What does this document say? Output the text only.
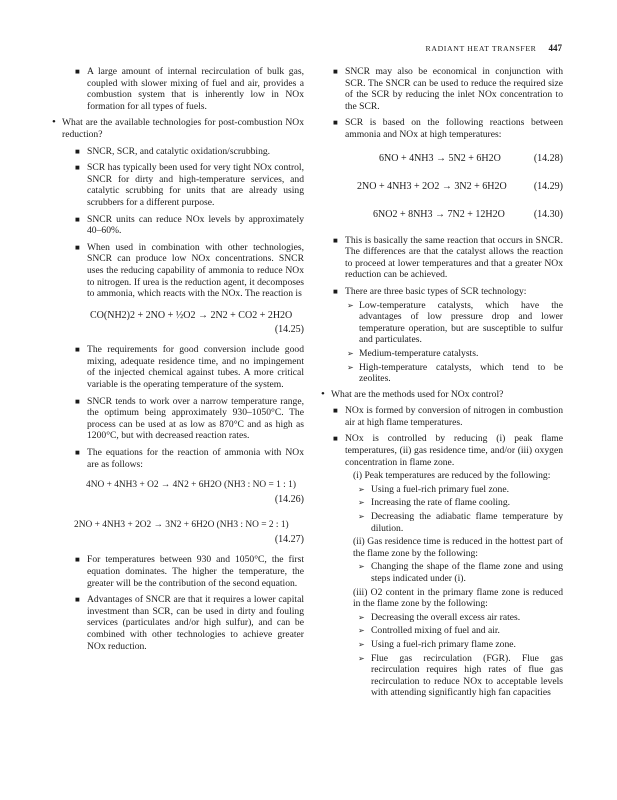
RADIANT HEAT TRANSFER 447
■ A large amount of internal recirculation of bulk gas, coupled with slower mixing of fuel and air, provides a combustion system that is inherently low in NOx formation for all types of fuels.
• What are the available technologies for post-combustion NOx reduction?
■ SNCR, SCR, and catalytic oxidation/scrubbing.
■ SCR has typically been used for very tight NOx control, SNCR for dirty and high-temperature services, and catalytic scrubbing for units that are already using scrubbers for a different purpose.
■ SNCR units can reduce NOx levels by approximately 40–60%.
■ When used in combination with other technologies, SNCR can produce low NOx concentrations. SNCR uses the reducing capability of ammonia to reduce NOx to nitrogen. If urea is the reduction agent, it decomposes to ammonia, which reacts with the NOx. The reaction is
CO(NH2)2 + 2NO + ½O2 → 2N2 + CO2 + 2H2O
(14.25)
■ The requirements for good conversion include good mixing, adequate residence time, and no impingement of the injected chemical against tubes. A more critical variable is the operating temperature of the system.
■ SNCR tends to work over a narrow temperature range, the optimum being approximately 930–1050°C. The process can be used at as low as 870°C and as high as 1200°C, but with decreased reaction rates.
■ The equations for the reaction of ammonia with NOx are as follows:
4NO + 4NH3 + O2 → 4N2 + 6H2O (NH3 : NO = 1 : 1)
(14.26)
2NO + 4NH3 + 2O2 → 3N2 + 6H2O (NH3 : NO = 2 : 1)
(14.27)
■ For temperatures between 930 and 1050°C, the first equation dominates. The higher the temperature, the greater will be the contribution of the second equation.
■ Advantages of SNCR are that it requires a lower capital investment than SCR, can be used in dirty and fouling services (particulates and/or high sulfur), and can be combined with other technologies to achieve greater NOx reduction.
■ SNCR may also be economical in conjunction with SCR. The SNCR can be used to reduce the required size of the SCR by reducing the inlet NOx concentration to the SCR.
■ SCR is based on the following reactions between ammonia and NOx at high temperatures:
6NO + 4NH3 → 5N2 + 6H2O	(14.28)
2NO + 4NH3 + 2O2 → 3N2 + 6H2O	(14.29)
6NO2 + 8NH3 → 7N2 + 12H2O	(14.30)
■ This is basically the same reaction that occurs in SNCR. The differences are that the catalyst allows the reaction to proceed at lower temperatures and that a greater NOx reduction can be achieved.
■ There are three basic types of SCR technology:
➢ Low-temperature catalysts, which have the advantages of low pressure drop and lower temperature operation, but are susceptible to sulfur and particulates.
➢ Medium-temperature catalysts.
➢ High-temperature catalysts, which tend to be zeolites.
• What are the methods used for NOx control?
■ NOx is formed by conversion of nitrogen in combustion air at high flame temperatures.
■ NOx is controlled by reducing (i) peak flame temperatures, (ii) gas residence time, and/or (iii) oxygen concentration in flame zone.
(i) Peak temperatures are reduced by the following:
➢ Using a fuel-rich primary fuel zone.
➢ Increasing the rate of flame cooling.
➢ Decreasing the adiabatic flame temperature by dilution.
(ii) Gas residence time is reduced in the hottest part of the flame zone by the following:
➢ Changing the shape of the flame zone and using steps indicated under (i).
(iii) O2 content in the primary flame zone is reduced in the flame zone by the following:
➢ Decreasing the overall excess air rates.
➢ Controlled mixing of fuel and air.
➢ Using a fuel-rich primary flame zone.
➢ Flue gas recirculation (FGR). Flue gas recirculation requires high rates of flue gas recirculation to reduce NOx to acceptable levels with attending significantly high fan capacities
